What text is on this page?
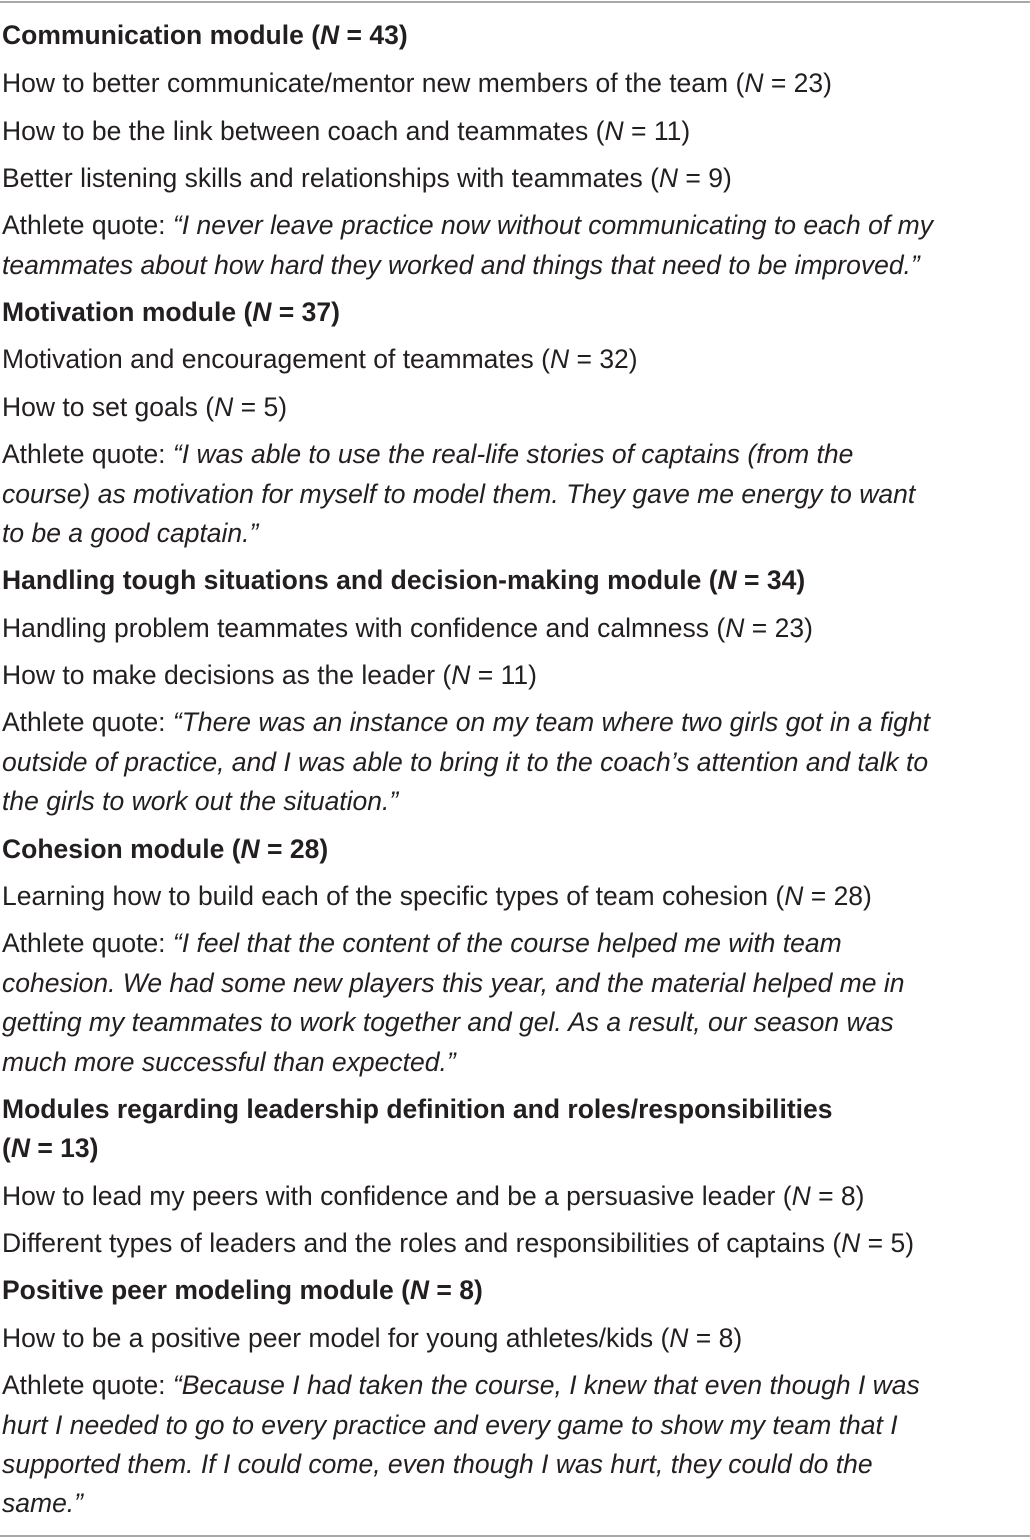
Communication module (N = 43)
How to better communicate/mentor new members of the team (N = 23)
How to be the link between coach and teammates (N = 11)
Better listening skills and relationships with teammates (N = 9)
Athlete quote: “I never leave practice now without communicating to each of my
teammates about how hard they worked and things that need to be improved.”
Motivation module (N = 37)
Motivation and encouragement of teammates (N = 32)
How to set goals (N = 5)
Athlete quote: “I was able to use the real-life stories of captains (from the
course) as motivation for myself to model them. They gave me energy to want
to be a good captain.”
Handling tough situations and decision-making module (N = 34)
Handling problem teammates with confidence and calmness (N = 23)
How to make decisions as the leader (N = 11)
Athlete quote: “There was an instance on my team where two girls got in a fight
outside of practice, and I was able to bring it to the coach’s attention and talk to
the girls to work out the situation.”
Cohesion module (N = 28)
Learning how to build each of the specific types of team cohesion (N = 28)
Athlete quote: “I feel that the content of the course helped me with team
cohesion. We had some new players this year, and the material helped me in
getting my teammates to work together and gel. As a result, our season was
much more successful than expected.”
Modules regarding leadership definition and roles/responsibilities
(N = 13)
How to lead my peers with confidence and be a persuasive leader (N = 8)
Different types of leaders and the roles and responsibilities of captains (N = 5)
Positive peer modeling module (N = 8)
How to be a positive peer model for young athletes/kids (N = 8)
Athlete quote: “Because I had taken the course, I knew that even though I was
hurt I needed to go to every practice and every game to show my team that I
supported them. If I could come, even though I was hurt, they could do the
same.”
